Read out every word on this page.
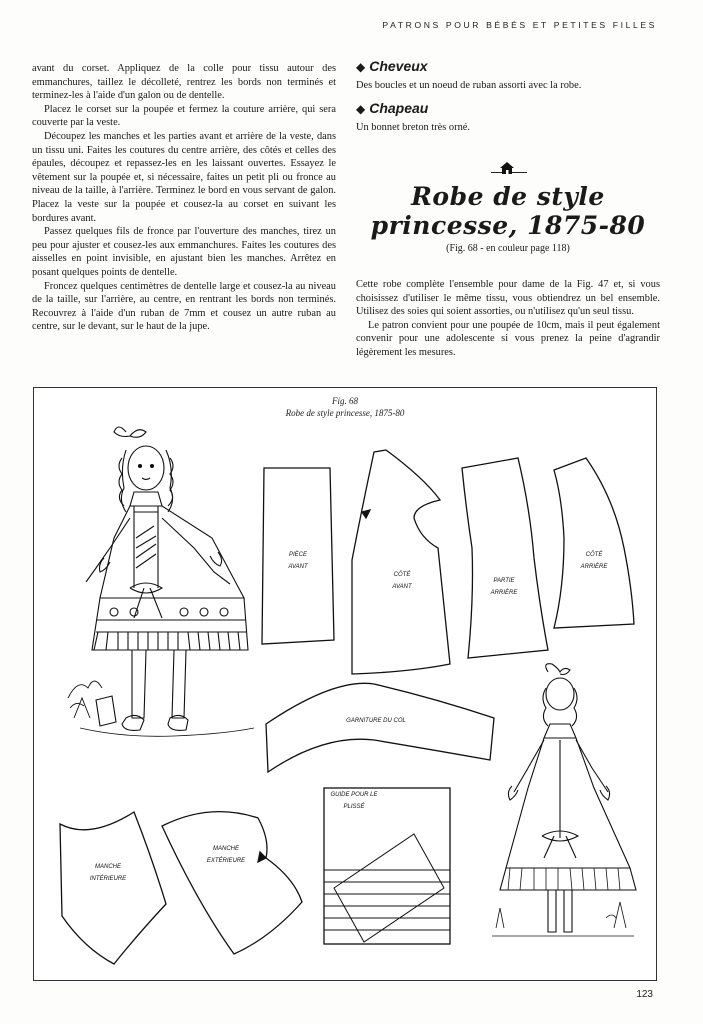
PATRONS POUR BÉBÉS ET PETITES FILLES

avant du corset. Appliquez de la colle pour tissu autour des emmanchures, taillez le décolleté, rentrez les bords non terminés et terminez-les à l'aide d'un galon ou de dentelle.

Placez le corset sur la poupée et fermez la couture arrière, qui sera couverte par la veste.

Découpez les manches et les parties avant et arrière de la veste, dans un tissu uni. Faites les coutures du centre arrière, des côtés et celles des épaules, découpez et repassez-les en les laissant ouvertes. Essayez le vêtement sur la poupée et, si nécessaire, faites un petit pli ou fronce au niveau de la taille, à l'arrière. Terminez le bord en vous servant de galon. Placez la veste sur la poupée et cousez-la au corset en suivant les bordures avant.

Passez quelques fils de fronce par l'ouverture des manches, tirez un peu pour ajuster et cousez-les aux emmanchures. Faites les coutures des aisselles en point invisible, en ajustant bien les manches. Arrêtez en posant quelques points de dentelle.

Froncez quelques centimètres de dentelle large et cousez-la au niveau de la taille, sur l'arrière, au centre, en rentrant les bords non terminés. Recouvrez à l'aide d'un ruban de 7mm et cousez un autre ruban au centre, sur le devant, sur le haut de la jupe.

◆ Cheveux
Des boucles et un noeud de ruban assorti avec la robe.
◆ Chapeau
Un bonnet breton très orné.
Robe de style
princesse, 1875-80
(Fig. 68 - en couleur page 118)

Cette robe complète l'ensemble pour dame de la Fig. 47 et, si vous choisissez d'utiliser le même tissu, vous obtiendrez un bel ensemble. Utilisez des soies qui soient assorties, ou n'utilisez qu'un seul tissu.

Le patron convient pour une poupée de 10cm, mais il peut également convenir pour une adolescente si vous prenez la peine d'agrandir légèrement les mesures.

Fig. 68
Robe de style princesse, 1875-80
PIÈCE
AVANT
CÔTÉ
AVANT
PARTIE
ARRIÈRE
CÔTÉ
ARRIÈRE
GARNITURE DU COL
GUIDE POUR LE
PLISSÉ
MANCHE
INTÉRIEURE
MANCHE
EXTÉRIEURE
123
